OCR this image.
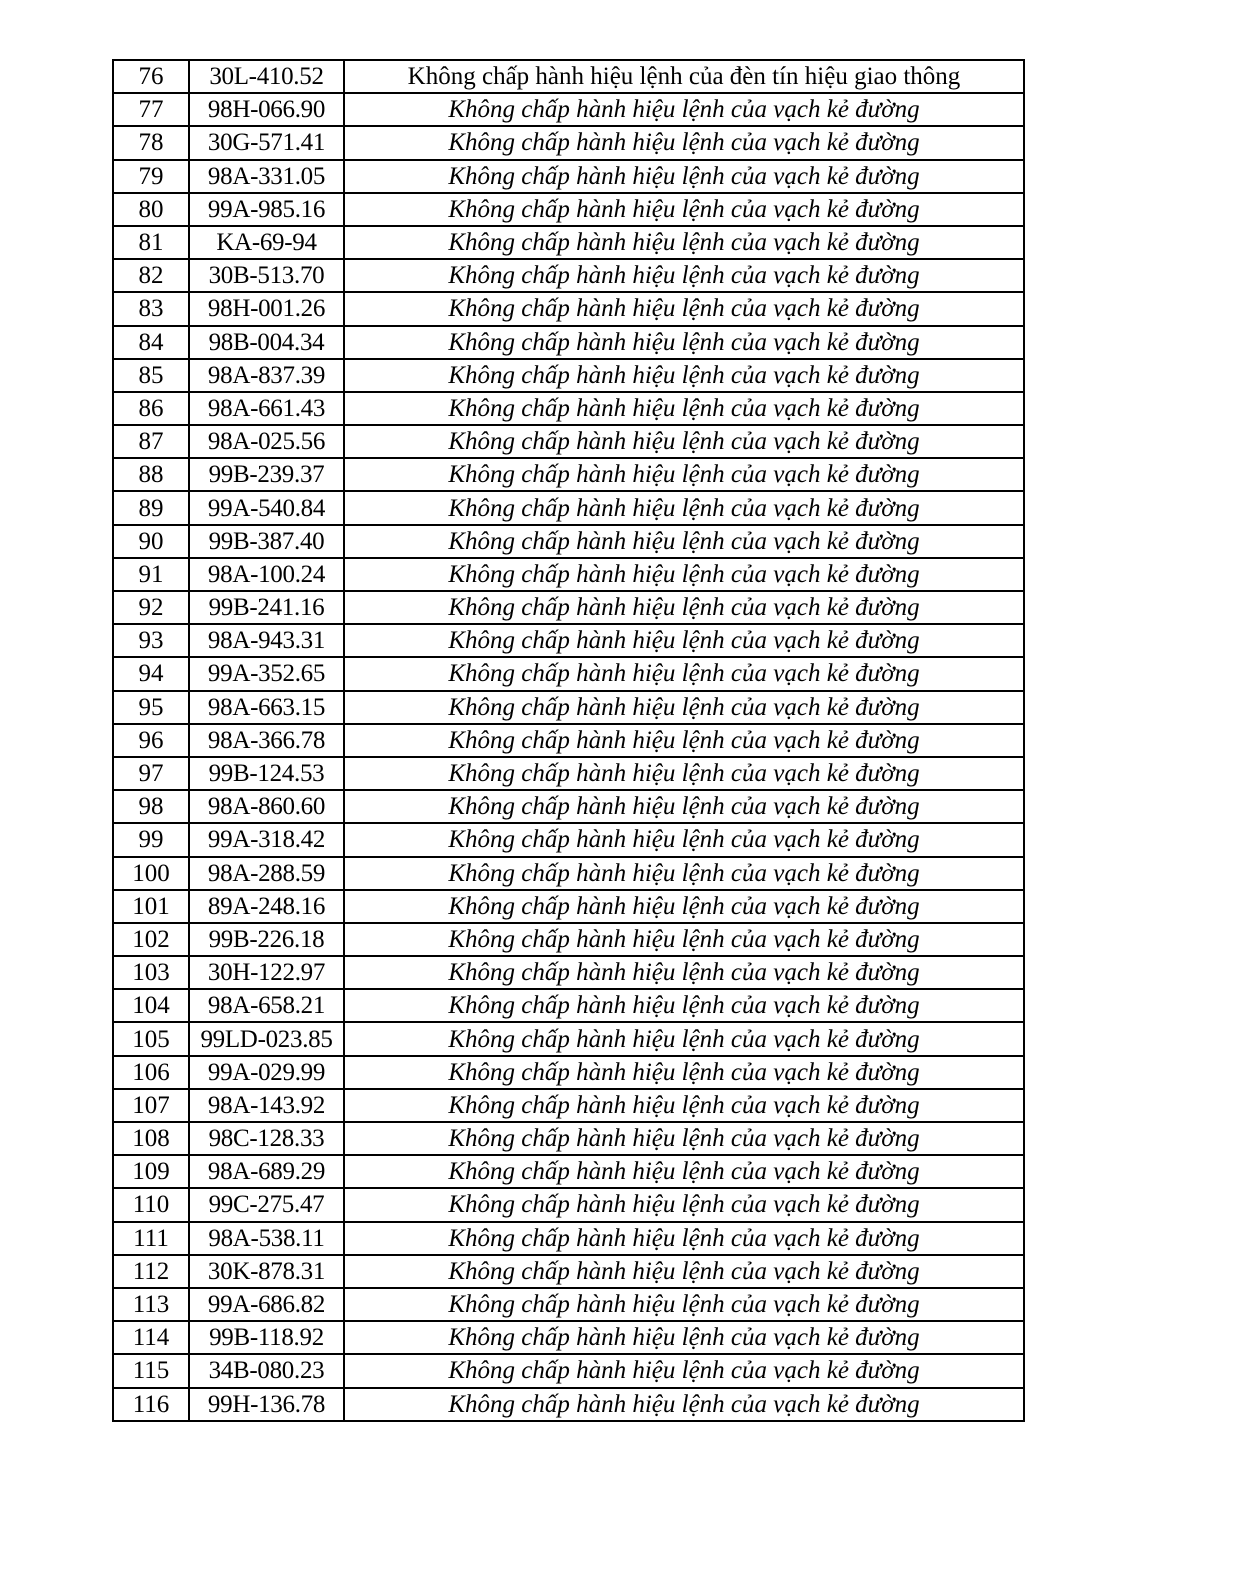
76	30L-410.52	Không chấp hành hiệu lệnh của đèn tín hiệu giao thông
77	98H-066.90	Không chấp hành hiệu lệnh của vạch kẻ đường
78	30G-571.41	Không chấp hành hiệu lệnh của vạch kẻ đường
79	98A-331.05	Không chấp hành hiệu lệnh của vạch kẻ đường
80	99A-985.16	Không chấp hành hiệu lệnh của vạch kẻ đường
81	KA-69-94	Không chấp hành hiệu lệnh của vạch kẻ đường
82	30B-513.70	Không chấp hành hiệu lệnh của vạch kẻ đường
83	98H-001.26	Không chấp hành hiệu lệnh của vạch kẻ đường
84	98B-004.34	Không chấp hành hiệu lệnh của vạch kẻ đường
85	98A-837.39	Không chấp hành hiệu lệnh của vạch kẻ đường
86	98A-661.43	Không chấp hành hiệu lệnh của vạch kẻ đường
87	98A-025.56	Không chấp hành hiệu lệnh của vạch kẻ đường
88	99B-239.37	Không chấp hành hiệu lệnh của vạch kẻ đường
89	99A-540.84	Không chấp hành hiệu lệnh của vạch kẻ đường
90	99B-387.40	Không chấp hành hiệu lệnh của vạch kẻ đường
91	98A-100.24	Không chấp hành hiệu lệnh của vạch kẻ đường
92	99B-241.16	Không chấp hành hiệu lệnh của vạch kẻ đường
93	98A-943.31	Không chấp hành hiệu lệnh của vạch kẻ đường
94	99A-352.65	Không chấp hành hiệu lệnh của vạch kẻ đường
95	98A-663.15	Không chấp hành hiệu lệnh của vạch kẻ đường
96	98A-366.78	Không chấp hành hiệu lệnh của vạch kẻ đường
97	99B-124.53	Không chấp hành hiệu lệnh của vạch kẻ đường
98	98A-860.60	Không chấp hành hiệu lệnh của vạch kẻ đường
99	99A-318.42	Không chấp hành hiệu lệnh của vạch kẻ đường
100	98A-288.59	Không chấp hành hiệu lệnh của vạch kẻ đường
101	89A-248.16	Không chấp hành hiệu lệnh của vạch kẻ đường
102	99B-226.18	Không chấp hành hiệu lệnh của vạch kẻ đường
103	30H-122.97	Không chấp hành hiệu lệnh của vạch kẻ đường
104	98A-658.21	Không chấp hành hiệu lệnh của vạch kẻ đường
105	99LD-023.85	Không chấp hành hiệu lệnh của vạch kẻ đường
106	99A-029.99	Không chấp hành hiệu lệnh của vạch kẻ đường
107	98A-143.92	Không chấp hành hiệu lệnh của vạch kẻ đường
108	98C-128.33	Không chấp hành hiệu lệnh của vạch kẻ đường
109	98A-689.29	Không chấp hành hiệu lệnh của vạch kẻ đường
110	99C-275.47	Không chấp hành hiệu lệnh của vạch kẻ đường
111	98A-538.11	Không chấp hành hiệu lệnh của vạch kẻ đường
112	30K-878.31	Không chấp hành hiệu lệnh của vạch kẻ đường
113	99A-686.82	Không chấp hành hiệu lệnh của vạch kẻ đường
114	99B-118.92	Không chấp hành hiệu lệnh của vạch kẻ đường
115	34B-080.23	Không chấp hành hiệu lệnh của vạch kẻ đường
116	99H-136.78	Không chấp hành hiệu lệnh của vạch kẻ đường
